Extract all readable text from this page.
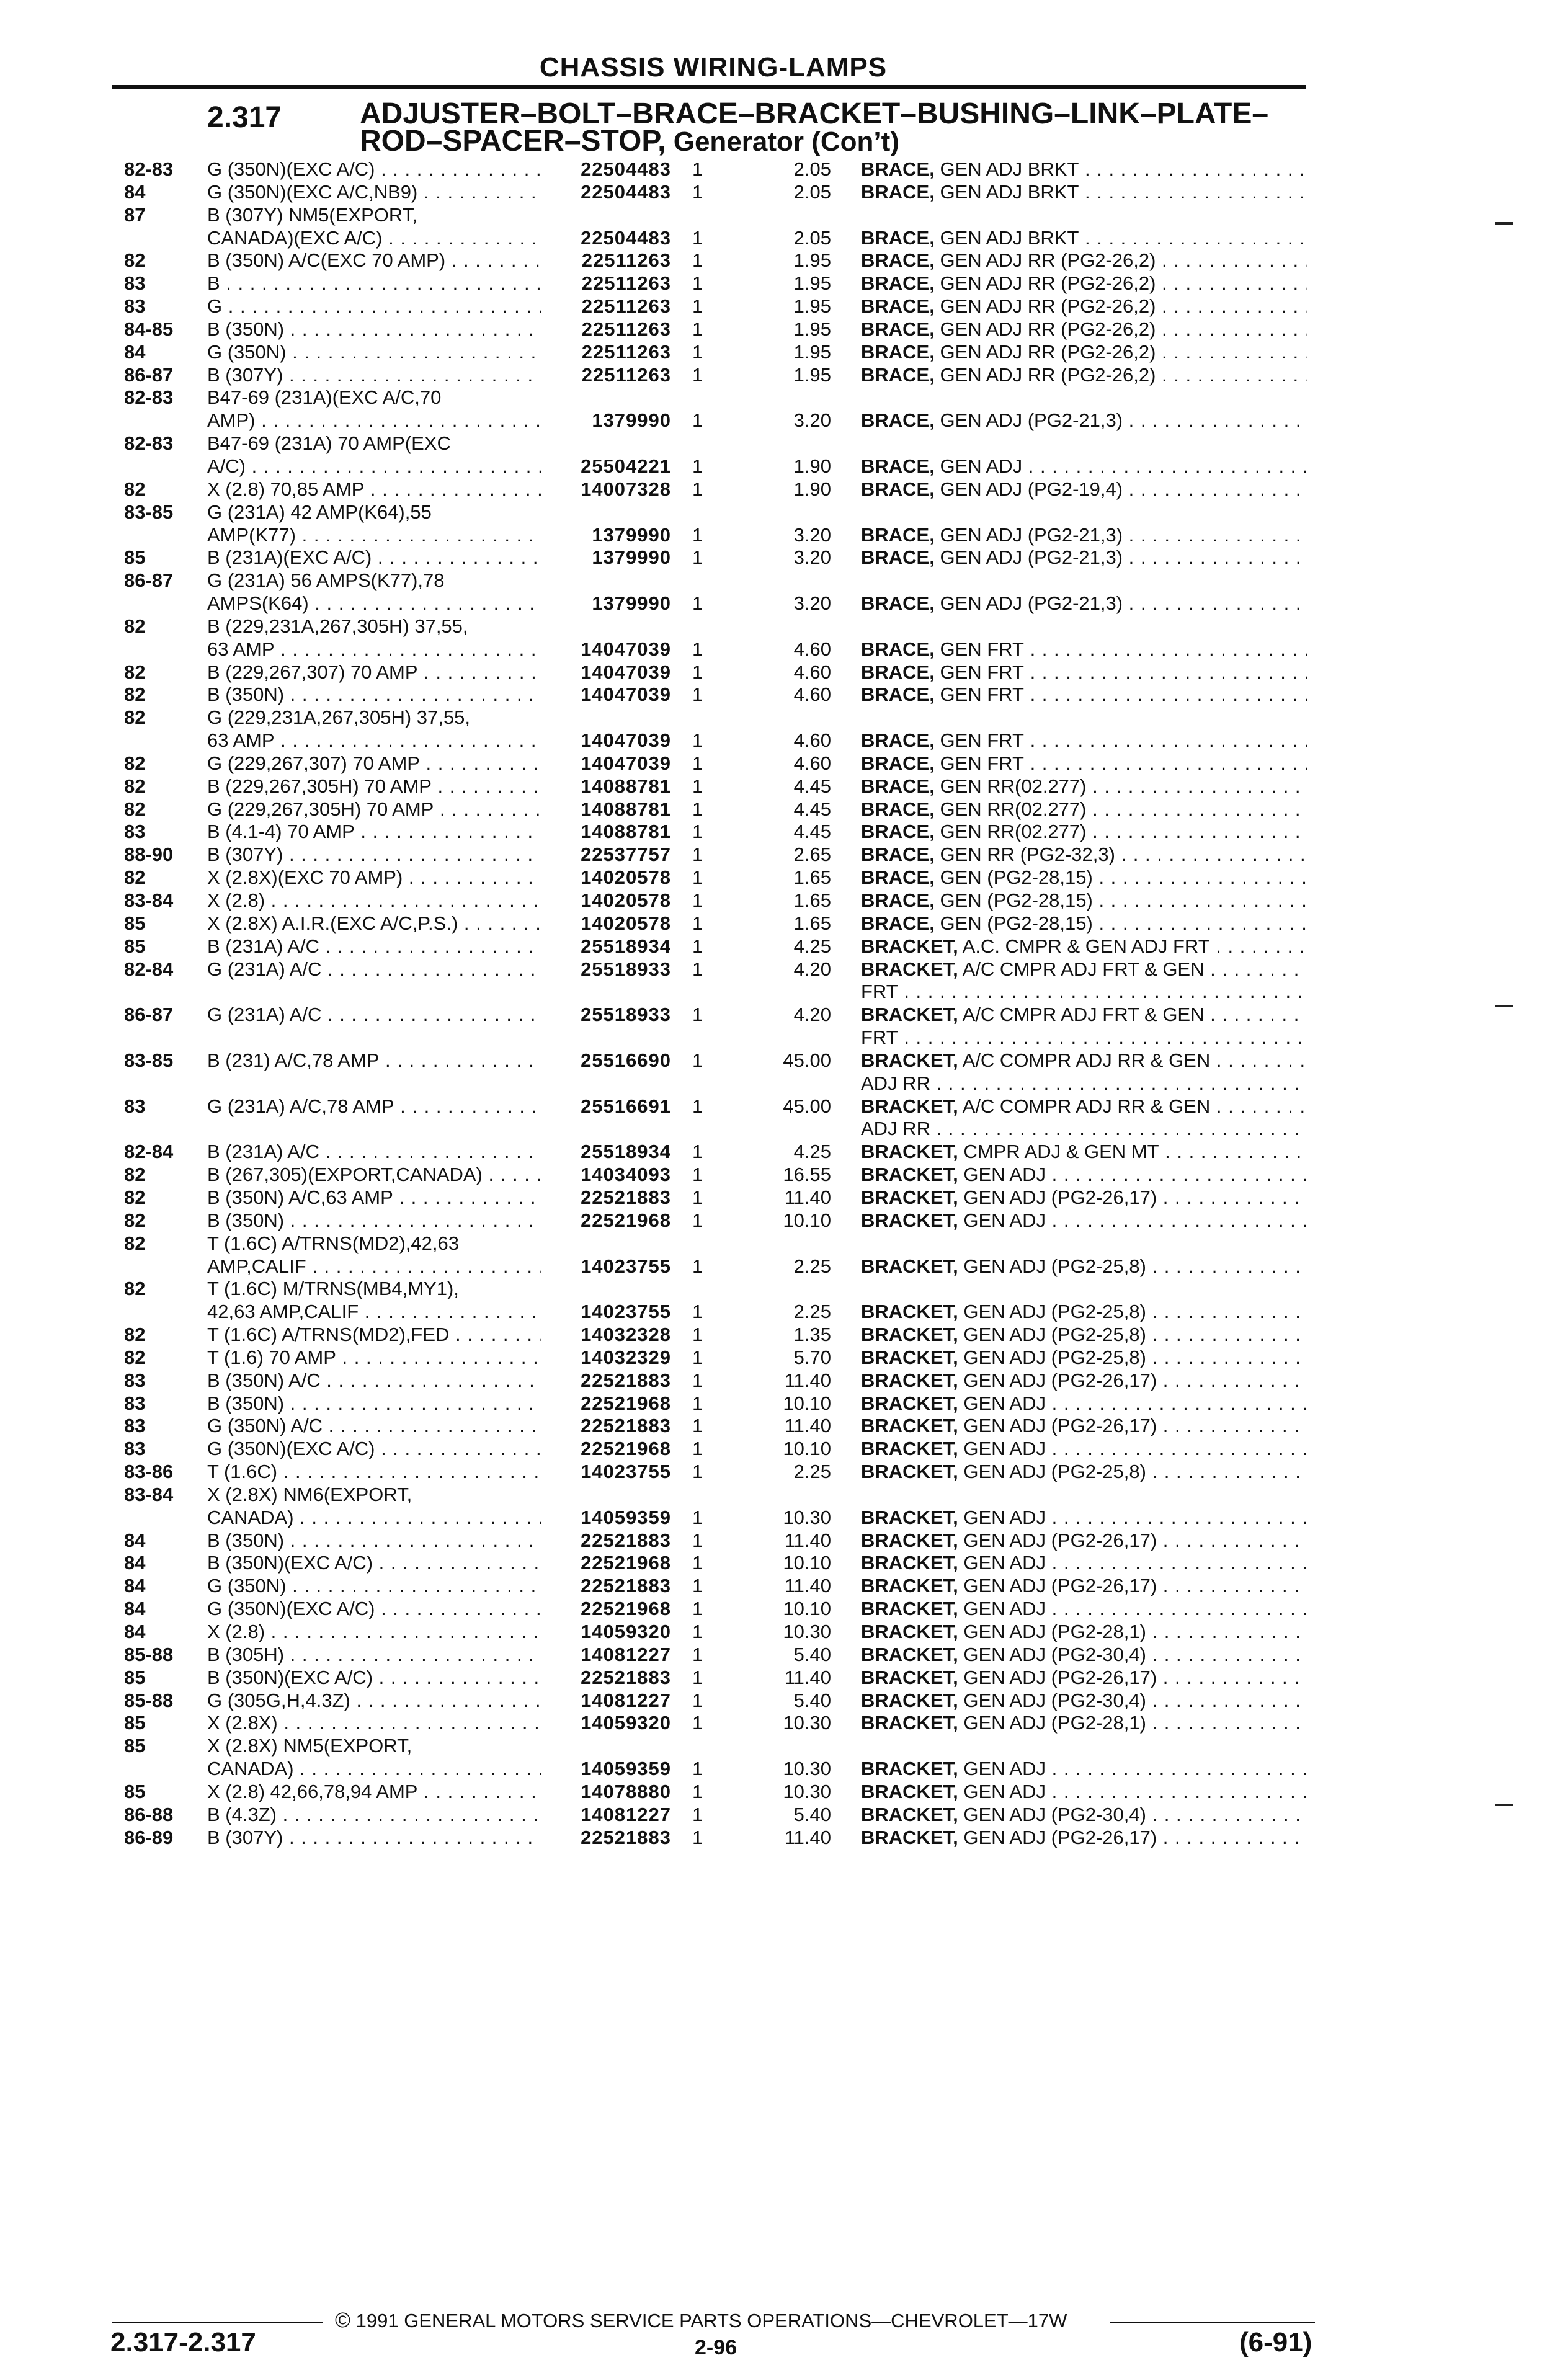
CHASSIS WIRING-LAMPS
2.317	ADJUSTER–BOLT–BRACE–BRACKET–BUSHING–LINK–PLATE–
ROD–SPACER–STOP, Generator (Con’t)
82-83	G (350N)(EXC A/C) . . .	22504483 1	2.05 BRACE, GEN ADJ BRKT . . .
84	G (350N)(EXC A/C,NB9) . . .	22504483 1	2.05 BRACE, GEN ADJ BRKT . . .
87	B (307Y) NM5(EXPORT,
CANADA)(EXC A/C) . . .	22504483 1	2.05 BRACE, GEN ADJ BRKT . . .
82	B (350N) A/C(EXC 70 AMP) . . .	22511263 1	1.95 BRACE, GEN ADJ RR (PG2-26,2) . . .
83	B . . .	22511263 1	1.95 BRACE, GEN ADJ RR (PG2-26,2) . . .
83	G . . .	22511263 1	1.95 BRACE, GEN ADJ RR (PG2-26,2) . . .
84-85	B (350N) . . .	22511263 1	1.95 BRACE, GEN ADJ RR (PG2-26,2) . . .
84	G (350N) . . .	22511263 1	1.95 BRACE, GEN ADJ RR (PG2-26,2) . . .
86-87	B (307Y) . . .	22511263 1	1.95 BRACE, GEN ADJ RR (PG2-26,2) . . .
82-83	B47-69 (231A)(EXC A/C,70
AMP) . . .	1379990 1	3.20 BRACE, GEN ADJ (PG2-21,3) . . .
82-83	B47-69 (231A) 70 AMP(EXC
A/C) . . .	25504221 1	1.90 BRACE, GEN ADJ . . .
82	X (2.8) 70,85 AMP . . .	14007328 1	1.90 BRACE, GEN ADJ (PG2-19,4) . . .
83-85	G (231A) 42 AMP(K64),55
AMP(K77) . . .	1379990 1	3.20 BRACE, GEN ADJ (PG2-21,3) . . .
85	B (231A)(EXC A/C) . . .	1379990 1	3.20 BRACE, GEN ADJ (PG2-21,3) . . .
86-87	G (231A) 56 AMPS(K77),78
AMPS(K64) . . .	1379990 1	3.20 BRACE, GEN ADJ (PG2-21,3) . . .
82	B (229,231A,267,305H) 37,55,
63 AMP . . .	14047039 1	4.60 BRACE, GEN FRT . . .
82	B (229,267,307) 70 AMP . . .	14047039 1	4.60 BRACE, GEN FRT . . .
82	B (350N) . . .	14047039 1	4.60 BRACE, GEN FRT . . .
82	G (229,231A,267,305H) 37,55,
63 AMP . . .	14047039 1	4.60 BRACE, GEN FRT . . .
82	G (229,267,307) 70 AMP . . .	14047039 1	4.60 BRACE, GEN FRT . . .
82	B (229,267,305H) 70 AMP . . .	14088781 1	4.45 BRACE, GEN RR(02.277) . . .
82	G (229,267,305H) 70 AMP . . .	14088781 1	4.45 BRACE, GEN RR(02.277) . . .
83	B (4.1-4) 70 AMP . . .	14088781 1	4.45 BRACE, GEN RR(02.277) . . .
88-90	B (307Y) . . .	22537757 1	2.65 BRACE, GEN RR (PG2-32,3) . . .
82	X (2.8X)(EXC 70 AMP) . . .	14020578 1	1.65 BRACE, GEN (PG2-28,15) . . .
83-84	X (2.8) . . .	14020578 1	1.65 BRACE, GEN (PG2-28,15) . . .
85	X (2.8X) A.I.R.(EXC A/C,P.S.) . . .	14020578 1	1.65 BRACE, GEN (PG2-28,15) . . .
85	B (231A) A/C . . .	25518934 1	4.25 BRACKET, A.C. CMPR & GEN ADJ FRT . . .
82-84	G (231A) A/C . . .	25518933 1	4.20 BRACKET, A/C CMPR ADJ FRT & GEN . . .
FRT . . .
86-87	G (231A) A/C . . .	25518933 1	4.20 BRACKET, A/C CMPR ADJ FRT & GEN . . .
FRT . . .
83-85	B (231) A/C,78 AMP . . .	25516690 1	45.00 BRACKET, A/C COMPR ADJ RR & GEN . . .
ADJ RR . . .
83	G (231A) A/C,78 AMP . . .	25516691 1	45.00 BRACKET, A/C COMPR ADJ RR & GEN . . .
ADJ RR . . .
82-84	B (231A) A/C . . .	25518934 1	4.25 BRACKET, CMPR ADJ & GEN MT . . .
82	B (267,305)(EXPORT,CANADA) . . .	14034093 1	16.55 BRACKET, GEN ADJ . . .
82	B (350N) A/C,63 AMP . . .	22521883 1	11.40 BRACKET, GEN ADJ (PG2-26,17) . . .
82	B (350N) . . .	22521968 1	10.10 BRACKET, GEN ADJ . . .
82	T (1.6C) A/TRNS(MD2),42,63
AMP,CALIF . . .	14023755 1	2.25 BRACKET, GEN ADJ (PG2-25,8) . . .
82	T (1.6C) M/TRNS(MB4,MY1),
42,63 AMP,CALIF . . .	14023755 1	2.25 BRACKET, GEN ADJ (PG2-25,8) . . .
82	T (1.6C) A/TRNS(MD2),FED . . .	14032328 1	1.35 BRACKET, GEN ADJ (PG2-25,8) . . .
82	T (1.6) 70 AMP . . .	14032329 1	5.70 BRACKET, GEN ADJ (PG2-25,8) . . .
83	B (350N) A/C . . .	22521883 1	11.40 BRACKET, GEN ADJ (PG2-26,17) . . .
83	B (350N) . . .	22521968 1	10.10 BRACKET, GEN ADJ . . .
83	G (350N) A/C . . .	22521883 1	11.40 BRACKET, GEN ADJ (PG2-26,17) . . .
83	G (350N)(EXC A/C) . . .	22521968 1	10.10 BRACKET, GEN ADJ . . .
83-86	T (1.6C) . . .	14023755 1	2.25 BRACKET, GEN ADJ (PG2-25,8) . . .
83-84	X (2.8X) NM6(EXPORT,
CANADA) . . .	14059359 1	10.30 BRACKET, GEN ADJ . . .
84	B (350N) . . .	22521883 1	11.40 BRACKET, GEN ADJ (PG2-26,17) . . .
84	B (350N)(EXC A/C) . . .	22521968 1	10.10 BRACKET, GEN ADJ . . .
84	G (350N) . . .	22521883 1	11.40 BRACKET, GEN ADJ (PG2-26,17) . . .
84	G (350N)(EXC A/C) . . .	22521968 1	10.10 BRACKET, GEN ADJ . . .
84	X (2.8) . . .	14059320 1	10.30 BRACKET, GEN ADJ (PG2-28,1) . . .
85-88	B (305H) . . .	14081227 1	5.40 BRACKET, GEN ADJ (PG2-30,4) . . .
85	B (350N)(EXC A/C) . . .	22521883 1	11.40 BRACKET, GEN ADJ (PG2-26,17) . . .
85-88	G (305G,H,4.3Z) . . .	14081227 1	5.40 BRACKET, GEN ADJ (PG2-30,4) . . .
85	X (2.8X) . . .	14059320 1	10.30 BRACKET, GEN ADJ (PG2-28,1) . . .
85	X (2.8X) NM5(EXPORT,
CANADA) . . .	14059359 1	10.30 BRACKET, GEN ADJ . . .
85	X (2.8) 42,66,78,94 AMP . . .	14078880 1	10.30 BRACKET, GEN ADJ . . .
86-88	B (4.3Z) . . .	14081227 1	5.40 BRACKET, GEN ADJ (PG2-30,4) . . .
86-89	B (307Y) . . .	22521883 1	11.40 BRACKET, GEN ADJ (PG2-26,17) . . .
© 1991 GENERAL MOTORS SERVICE PARTS OPERATIONS—CHEVROLET—17W
2.317-2.317	2-96	(6-91)
